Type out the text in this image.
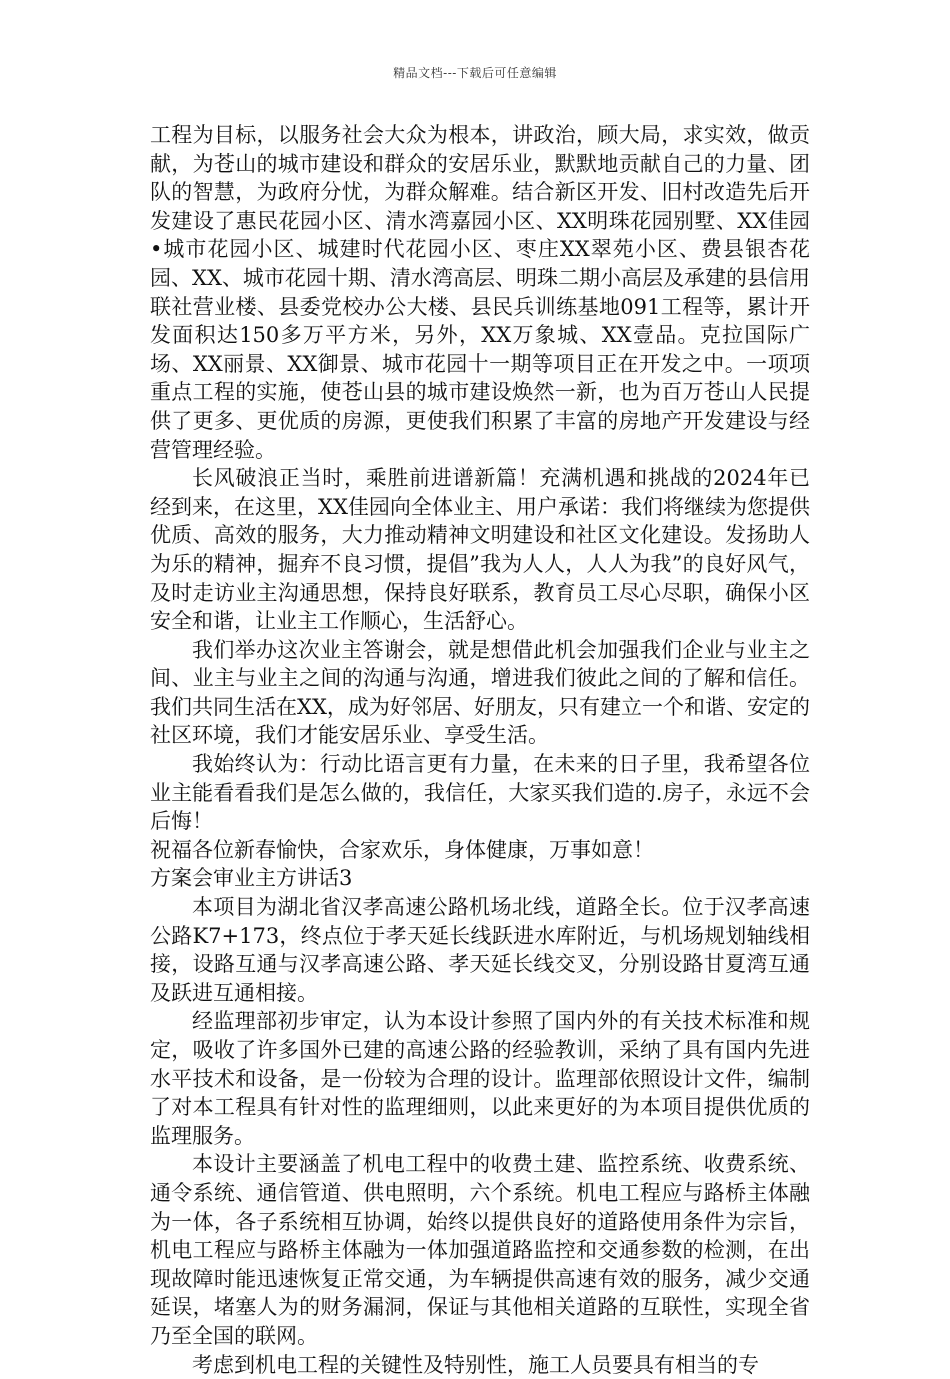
精品文档---下载后可任意编辑

工程为目标，以服务社会大众为根本，讲政治，顾大局，求实效，做贡献，为苍山的城市建设和群众的安居乐业，默默地贡献自己的力量、团队的智慧，为政府分忧，为群众解难。结合新区开发、旧村改造先后开发建设了惠民花园小区、清水湾嘉园小区、XX明珠花园别墅、XX佳园•城市花园小区、城建时代花园小区、枣庄XX翠苑小区、费县银杏花园、XX、城市花园十期、清水湾高层、明珠二期小高层及承建的县信用联社营业楼、县委党校办公大楼、县民兵训练基地091工程等，累计开发面积达150多万平方米，另外，XX万象城、XX壹品。克拉国际广场、XX丽景、XX御景、城市花园十一期等项目正在开发之中。一项项重点工程的实施，使苍山县的城市建设焕然一新，也为百万苍山人民提供了更多、更优质的房源，更使我们积累了丰富的房地产开发建设与经营管理经验。

长风破浪正当时，乘胜前进谱新篇！充满机遇和挑战的2024年已经到来，在这里，XX佳园向全体业主、用户承诺：我们将继续为您提供优质、高效的服务，大力推动精神文明建设和社区文化建设。发扬助人为乐的精神，掘弃不良习惯，提倡”我为人人，人人为我”的良好风气，及时走访业主沟通思想，保持良好联系，教育员工尽心尽职，确保小区安全和谐，让业主工作顺心，生活舒心。

我们举办这次业主答谢会，就是想借此机会加强我们企业与业主之间、业主与业主之间的沟通与沟通，增进我们彼此之间的了解和信任。我们共同生活在XX，成为好邻居、好朋友，只有建立一个和谐、安定的社区环境，我们才能安居乐业、享受生活。

我始终认为：行动比语言更有力量，在未来的日子里，我希望各位业主能看看我们是怎么做的，我信任，大家买我们造的.房子，永远不会后悔！

祝福各位新春愉快，合家欢乐，身体健康，万事如意！

方案会审业主方讲话3

本项目为湖北省汉孝高速公路机场北线，道路全长。位于汉孝高速公路K7+173，终点位于孝天延长线跃进水库附近，与机场规划轴线相接，设路互通与汉孝高速公路、孝天延长线交叉，分别设路甘夏湾互通及跃进互通相接。

经监理部初步审定，认为本设计参照了国内外的有关技术标准和规定，吸收了许多国外已建的高速公路的经验教训，采纳了具有国内先进水平技术和设备，是一份较为合理的设计。监理部依照设计文件，编制了对本工程具有针对性的监理细则，以此来更好的为本项目提供优质的监理服务。

本设计主要涵盖了机电工程中的收费土建、监控系统、收费系统、通令系统、通信管道、供电照明，六个系统。机电工程应与路桥主体融为一体，各子系统相互协调，始终以提供良好的道路使用条件为宗旨，机电工程应与路桥主体融为一体加强道路监控和交通参数的检测，在出现故障时能迅速恢复正常交通，为车辆提供高速有效的服务，减少交通延误，堵塞人为的财务漏洞，保证与其他相关道路的互联性，实现全省乃至全国的联网。

考虑到机电工程的关键性及特别性，施工人员要具有相当的专
